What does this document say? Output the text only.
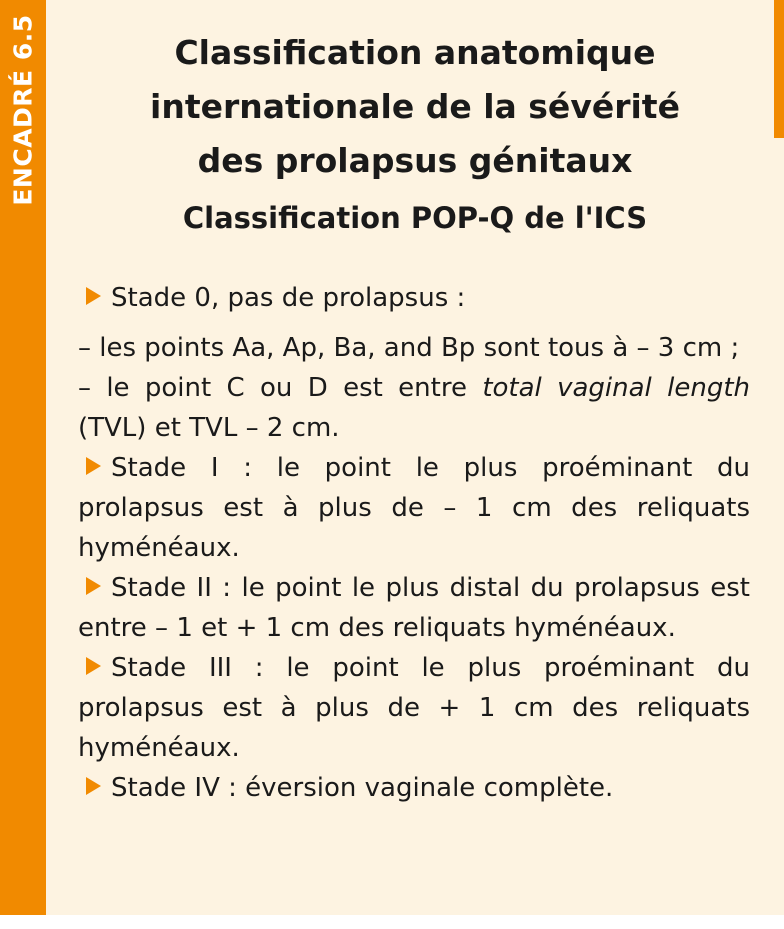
ENCADRÉ 6.5	Classification anatomique
internationale de la sévérité
des prolapsus génitaux
Classification POP-Q de l'ICS

Stade 0, pas de prolapsus :

– les points Aa, Ap, Ba, and Bp sont tous à – 3 cm ;

– le point C ou D est entre total vaginal length (TVL) et TVL – 2 cm.

Stade I : le point le plus proéminant du prolapsus est à plus de – 1 cm des reliquats hyménéaux.

Stade II : le point le plus distal du prolapsus est entre – 1 et + 1 cm des reliquats hyménéaux.

Stade III : le point le plus proéminant du prolapsus est à plus de + 1 cm des reliquats hyménéaux.

Stade IV : éversion vaginale complète.
